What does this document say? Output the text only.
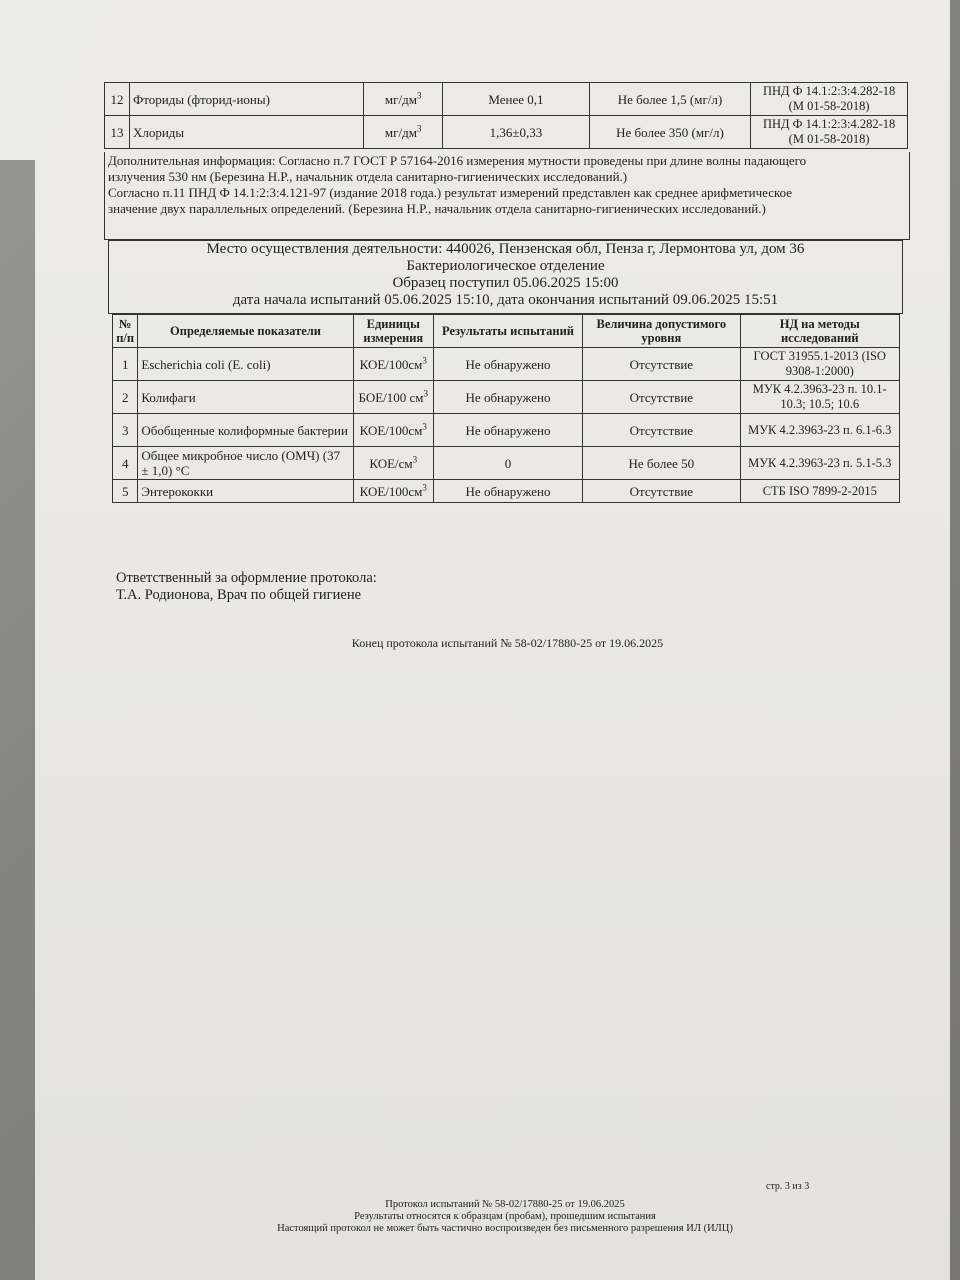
12	Фториды (фторид-ионы)	$мг/дм^3$	Менее 0,1	Не более 1,5 (мг/л)	ПНД Ф 14.1:2:3:4.282-18
(М 01-58-2018)

13	Хлориды	$мг/дм^3$	1,36±0,33	Не более 350 (мг/л)	ПНД Ф 14.1:2:3:4.282-18
(М 01-58-2018)
Дополнительная информация: Согласно п.7 ГОСТ Р 57164-2016 измерения мутности проведены при длине волны падающего
излучения 530 нм (Березина Н.Р., начальник отдела санитарно-гигиенических исследований.)
Согласно п.11 ПНД Ф 14.1:2:3:4.121-97 (издание 2018 года.) результат измерений представлен как среднее арифметическое
значение двух параллельных определений. (Березина Н.Р., начальник отдела санитарно-гигиенических исследований.)
Место осуществления деятельности: 440026, Пензенская обл, Пенза г, Лермонтова ул, дом 36
Бактериологическое отделение
Образец поступил 05.06.2025 15:00
дата начала испытаний 05.06.2025 15:10, дата окончания испытаний 09.06.2025 15:51
№ п/п	Определяемые показатели	Единицы измерения	Результаты испытаний	Величина допустимого уровня	НД на методы исследований
1	Escherichia coli (E. coli)	КОЕ/$100см^3$	Не обнаружено	Отсутствие	ГОСТ 31955.1-2013 (ISO 9308-1:2000)
2	Колифаги	БОЕ/100 $см^3$	Не обнаружено	Отсутствие	МУК 4.2.3963-23 п. 10.1-10.3; 10.5; 10.6
3	Обобщенные колиформные бактерии	КОЕ/$100см^3$	Не обнаружено	Отсутствие	МУК 4.2.3963-23 п. 6.1-6.3
4	Общее микробное число (ОМЧ) (37 ± 1,0) °С	КОЕ/$см^3$	0	Не более 50	МУК 4.2.3963-23 п. 5.1-5.3
5	Энтерококки	КОЕ/$100см^3$	Не обнаружено	Отсутствие	СТБ ISO 7899-2-2015
Ответственный за оформление протокола:
Т.А. Родионова, Врач по общей гигиене
Конец протокола испытаний № 58-02/17880-25 от 19.06.2025
стр. 3 из 3
Протокол испытаний № 58-02/17880-25 от 19.06.2025
Результаты относятся к образцам (пробам), прошедшим испытания
Настоящий протокол не может быть частично воспроизведен без письменного разрешения ИЛ (ИЛЦ)
